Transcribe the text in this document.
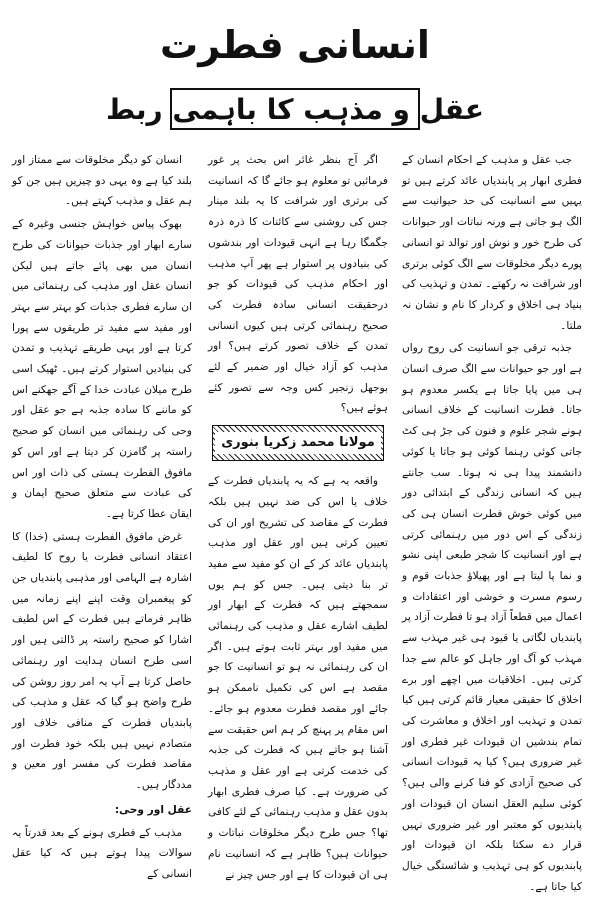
انسانی فطرت
عقل و مذہب کا باہمی ربط

جب عقل و مذہب کے احکام انسان کے فطری ابھار پر پابندیاں عائد کرتے ہیں تو یہیں سے انسانیت کی حد حیوانیت سے الگ ہو جاتی ہے ورنہ نباتات اور حیوانات کی طرح خور و نوش اور توالد تو انسانی پورے دیگر مخلوقات سے الگ کوئی برتری اور شرافت نہ رکھتے۔ تمدن و تہذیب کی بنیاد ہی اخلاق و کردار کا نام و نشان نہ ملتا۔

جذبہ ترقی جو انسانیت کی روح رواں ہے اور جو حیوانات سے الگ صرف انسان ہی میں پایا جاتا ہے یکسر معدوم ہو جاتا۔ فطرت انسانیت کے خلاف انسانی ہونے شجر علوم و فنون کی جڑ ہی کٹ جاتی کوئی رہنما کوئی ہو جاتا یا کوئی دانشمند پیدا ہی نہ ہوتا۔ سب جانتے ہیں کہ انسانی زندگی کے ابتدائی دور میں کوئی خوش فطرت انسان ہی کی زندگی کے اس دور میں رہنمائی کرتی ہے اور انسانیت کا شجر طبعی اپنی نشو و نما پا لیتا ہے اور پھیلاؤ جذبات قوم و رسوم مسرت و خوشی اور اعتقادات و اعمال میں قطعاً آزاد ہو تا فطرت آزاد پر پابندیاں لگاتی یا قیود ہی غیر مہذب سے مہذب کو آگ اور جاہل کو عالم سے جدا کرتی ہیں۔ اخلاقیات میں اچھے اور برے اخلاق کا حقیقی معیار قائم کرتی ہیں کیا تمدن و تہذیب اور اخلاق و معاشرت کی تمام بندشیں ان قیودات غیر فطری اور غیر ضروری ہیں؟ کیا یہ قیودات انسانی کی صحیح آزادی کو فنا کرنے والی ہیں؟ کوئی سلیم العقل انسان ان قیودات اور پابندیوں کو معتبر اور غیر ضروری نہیں قرار دے سکتا بلکہ ان قیودات اور پابندیوں کو ہی تہذیب و شائستگی خیال کیا جاتا ہے۔

اگر آج بنظر غائر اس بحث پر غور فرمائیں تو معلوم ہو جائے گا کہ انسانیت کی برتری اور شرافت کا یہ بلند مینار جس کی روشنی سے کائنات کا ذرہ ذرہ جگمگا رہا ہے انہی قیودات اور بندشوں کی بنیادوں پر استوار ہے پھر آپ مذہب اور احکام مذہب کی قیودات کو جو درحقیقت انسانی سادہ فطرت کی صحیح رہنمائی کرتی ہیں کیوں انسانی تمدن کے خلاف تصور کرتے ہیں؟ اور مذہب کو آزاد خیال اور ضمیر کے لئے بوجھل زنجیر کس وجہ سے تصور کئے ہوئے ہیں؟

مولانا محمد زکریا بنوری

واقعہ یہ ہے کہ یہ پابندیاں فطرت کے خلاف یا اس کی ضد نہیں ہیں بلکہ فطرت کے مقاصد کی تشریح اور ان کی تعیین کرتی ہیں اور عقل اور مذہب پابندیاں عائد کر کے ان کو مفید سے مفید تر بنا دیتی ہیں۔ جس کو ہم یوں سمجھتے ہیں کہ فطرت کے ابھار اور لطیف اشارے عقل و مذہب کی رہنمائی میں مفید اور بہتر ثابت ہوتے ہیں۔ اگر ان کی رہنمائی نہ ہو تو انسانیت کا جو مقصد ہے اس کی تکمیل ناممکن ہو جائے اور مقصد فطرت معدوم ہو جائے۔ اس مقام پر پہنچ کر ہم اس حقیقت سے آشنا ہو جاتے ہیں کہ فطرت کی جذبہ کی خدمت کرتی ہے اور عقل و مذہب کی ضرورت ہے۔ کیا صرف فطری ابھار بدون عقل و مذہب رہنمائی کے لئے کافی تھا؟ جس طرح دیگر مخلوقات نباتات و حیوانات ہیں؟ ظاہر ہے کہ انسانیت نام ہی ان قیودات کا ہے اور جس چیز نے

انسان کو دیگر مخلوقات سے ممتاز اور بلند کیا ہے وہ یہی دو چیزیں ہیں جن کو ہم عقل و مذہب کہتے ہیں۔

بھوک پیاس خواہش جنسی وغیرہ کے سارے ابھار اور جذبات حیوانات کی طرح انسان میں بھی پائے جاتے ہیں لیکن انسان عقل اور مذہب کی رہنمائی میں ان سارے فطری جذبات کو بہتر سے بہتر اور مفید سے مفید تر طریقوں سے پورا کرتا ہے اور یہی طریقے تہذیب و تمدن کی بنیادیں استوار کرتے ہیں۔ ٹھیک اسی طرح میلان عبادت خدا کے آگے جھکنے اس کو ماننے کا سادہ جذبہ ہے جو عقل اور وحی کی رہنمائی میں انسان کو صحیح راستہ پر گامزن کر دیتا ہے اور اس کو مافوق الفطرت ہستی کی ذات اور اس کی عبادت سے متعلق صحیح ایمان و ایقان عطا کرتا ہے۔

غرض مافوق الفطرت ہستی (خدا) کا اعتقاد انسانی فطرت یا روح کا لطیف اشارہ ہے الہامی اور مذہبی پابندیاں جن کو پیغمبران وقت اپنے اپنے زمانہ میں ظاہر فرماتے ہیں فطرت کے اس لطیف اشارا کو صحیح راستہ پر ڈالتی ہیں اور اسی طرح انسان ہدایت اور رہنمائی حاصل کرتا ہے آپ یہ امر روز روشن کی طرح واضح ہو گیا کہ عقل و مذہب کی پابندیاں فطرت کے منافی خلاف اور متصادم نہیں ہیں بلکہ خود فطرت اور مقاصد فطرت کی مفسر اور معین و مددگار ہیں۔

عقل اور وحی:

مذہب کے فطری ہونے کے بعد قدرتاً یہ سوالات پیدا ہوتے ہیں کہ کیا عقل انسانی کے
